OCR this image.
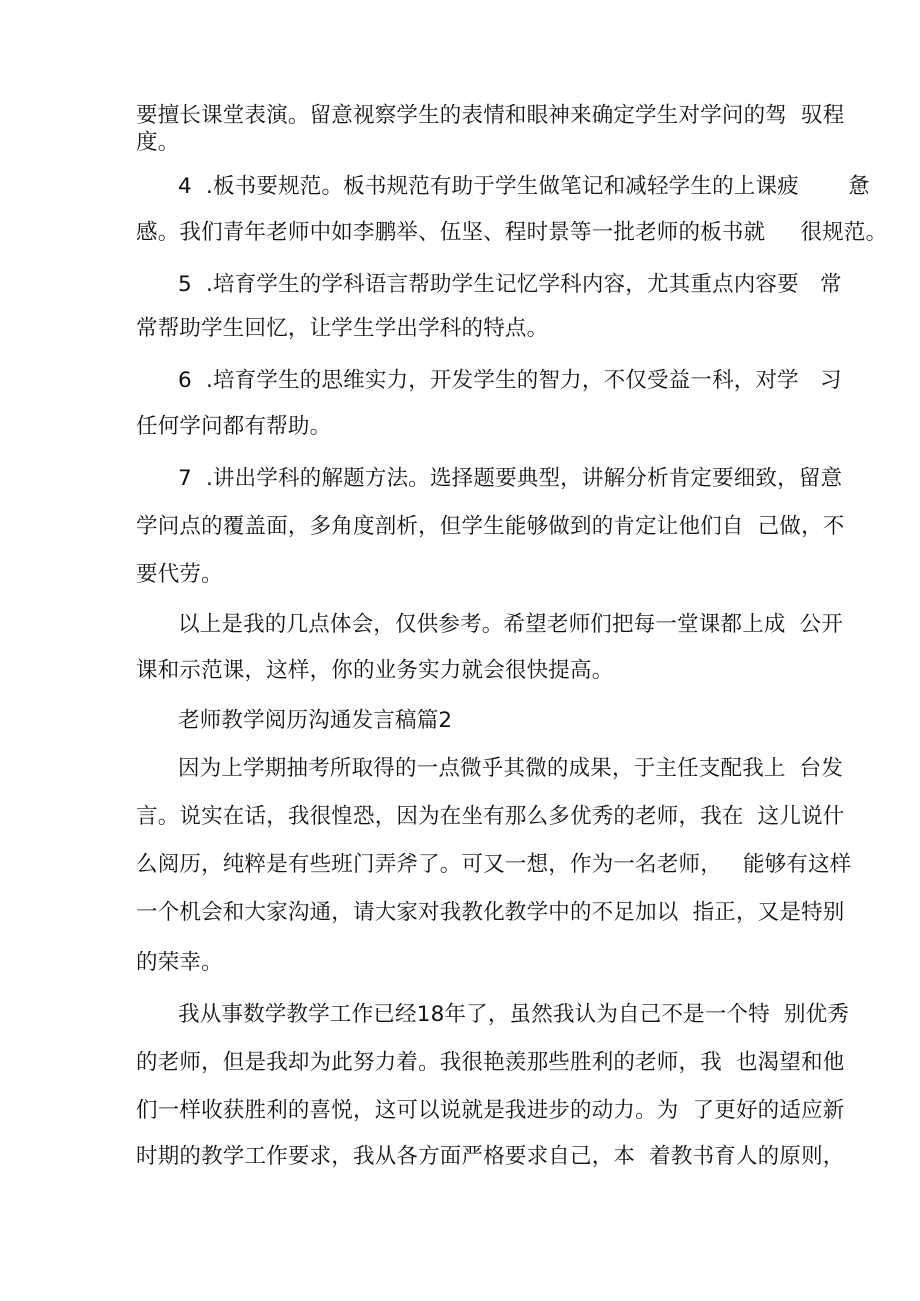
要擅长课堂表演。留意视察学生的表情和眼神来确定学生对学问的驾  驭程
度。
4  .板书要规范。板书规范有助于学生做笔记和减轻学生的上课疲       惫
感。我们青年老师中如李鹏举、伍坚、程时景等一批老师的板书就     很规范。
5  .培育学生的学科语言帮助学生记忆学科内容，尤其重点内容要   常
常帮助学生回忆，让学生学出学科的特点。
6  .培育学生的思维实力，开发学生的智力，不仅受益一科，对学   习
任何学问都有帮助。
7  .讲出学科的解题方法。选择题要典型，讲解分析肯定要细致，留意
学问点的覆盖面，多角度剖析，但学生能够做到的肯定让他们自  己做，不
要代劳。
以上是我的几点体会，仅供参考。希望老师们把每一堂课都上成  公开
课和示范课，这样，你的业务实力就会很快提高。
老师教学阅历沟通发言稿篇2
因为上学期抽考所取得的一点微乎其微的成果，于主任支配我上  台发
言。说实在话，我很惶恐，因为在坐有那么多优秀的老师，我在  这儿说什
么阅历，纯粹是有些班门弄斧了。可又一想，作为一名老师，   能够有这样
一个机会和大家沟通，请大家对我教化教学中的不足加以  指正，又是特别
的荣幸。
我从事数学教学工作已经18年了，虽然我认为自己不是一个特  别优秀
的老师，但是我却为此努力着。我很艳羡那些胜利的老师，我  也渴望和他
们一样收获胜利的喜悦，这可以说就是我进步的动力。为  了更好的适应新
时期的教学工作要求，我从各方面严格要求自己，本  着教书育人的原则，
